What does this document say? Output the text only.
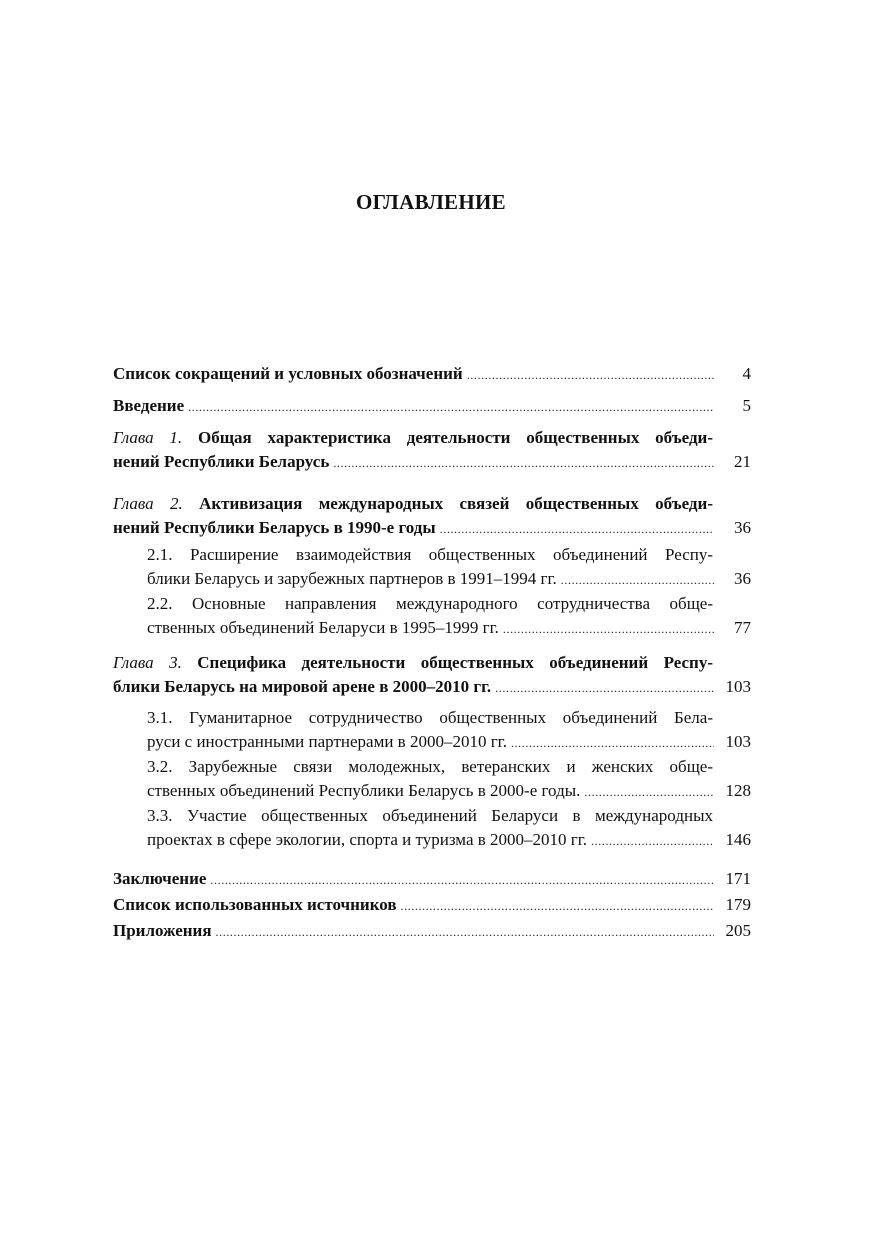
ОГЛАВЛЕНИЕ
Список сокращений и условных обозначений .....	4
Введение .....	5
Глава 1. Общая характеристика деятельности общественных объеди-
нений Республики Беларусь .....	21
Глава 2. Активизация международных связей общественных объеди-
нений Республики Беларусь в 1990-е годы .....	36
2.1. Расширение взаимодействия общественных объединений Респу-
блики Беларусь и зарубежных партнеров в 1991–1994 гг. .....	36
2.2. Основные направления международного сотрудничества обще-
ственных объединений Беларуси в 1995–1999 гг. .....	77
Глава 3. Специфика деятельности общественных объединений Респу-
блики Беларусь на мировой арене в 2000–2010 гг. .....	103
3.1. Гуманитарное сотрудничество общественных объединений Бела-
руси с иностранными партнерами в 2000–2010 гг. .....	103
3.2. Зарубежные связи молодежных, ветеранских и женских обще-
ственных объединений Республики Беларусь в 2000-е годы. .....	128
3.3. Участие общественных объединений Беларуси в международных
проектах в сфере экологии, спорта и туризма в 2000–2010 гг. .....	146
Заключение .....	171
Список использованных источников .....	179
Приложения .....	205
